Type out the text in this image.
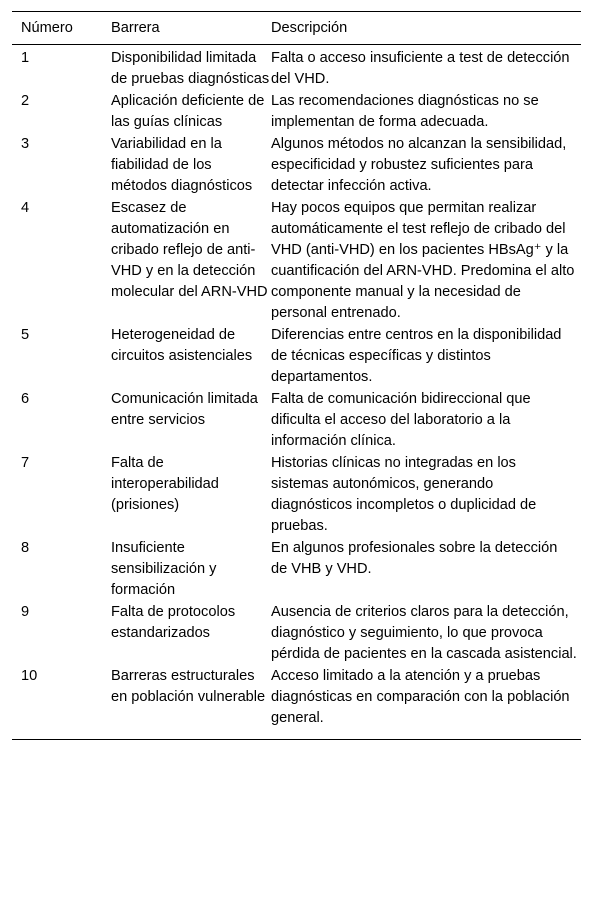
Número	Barrera	Descripción
1	Disponibilidad limitada de pruebas diagnósticas	Falta o acceso insuficiente a test de detección del VHD.
2	Aplicación deficiente de las guías clínicas	Las recomendaciones diagnósticas no se implementan de forma adecuada.
3	Variabilidad en la fiabilidad de los métodos diagnósticos	Algunos métodos no alcanzan la sensibilidad, especificidad y robustez suficientes para detectar infección activa.
4	Escasez de automatización en cribado reflejo de anti-VHD y en la detección molecular del ARN-VHD	Hay pocos equipos que permitan realizar automáticamente el test reflejo de cribado del VHD (anti-VHD) en los pacientes HBsAg⁺ y la cuantificación del ARN-VHD. Predomina el alto componente manual y la necesidad de personal entrenado.
5	Heterogeneidad de circuitos asistenciales	Diferencias entre centros en la disponibilidad de técnicas específicas y distintos departamentos.
6	Comunicación limitada entre servicios	Falta de comunicación bidireccional que dificulta el acceso del laboratorio a la información clínica.
7	Falta de interoperabilidad (prisiones)	Historias clínicas no integradas en los sistemas autonómicos, generando diagnósticos incompletos o duplicidad de pruebas.
8	Insuficiente sensibilización y formación	En algunos profesionales sobre la detección de VHB y VHD.
9	Falta de protocolos estandarizados	Ausencia de criterios claros para la detección, diagnóstico y seguimiento, lo que provoca pérdida de pacientes en la cascada asistencial.
10	Barreras estructurales en población vulnerable	Acceso limitado a la atención y a pruebas diagnósticas en comparación con la población general.
